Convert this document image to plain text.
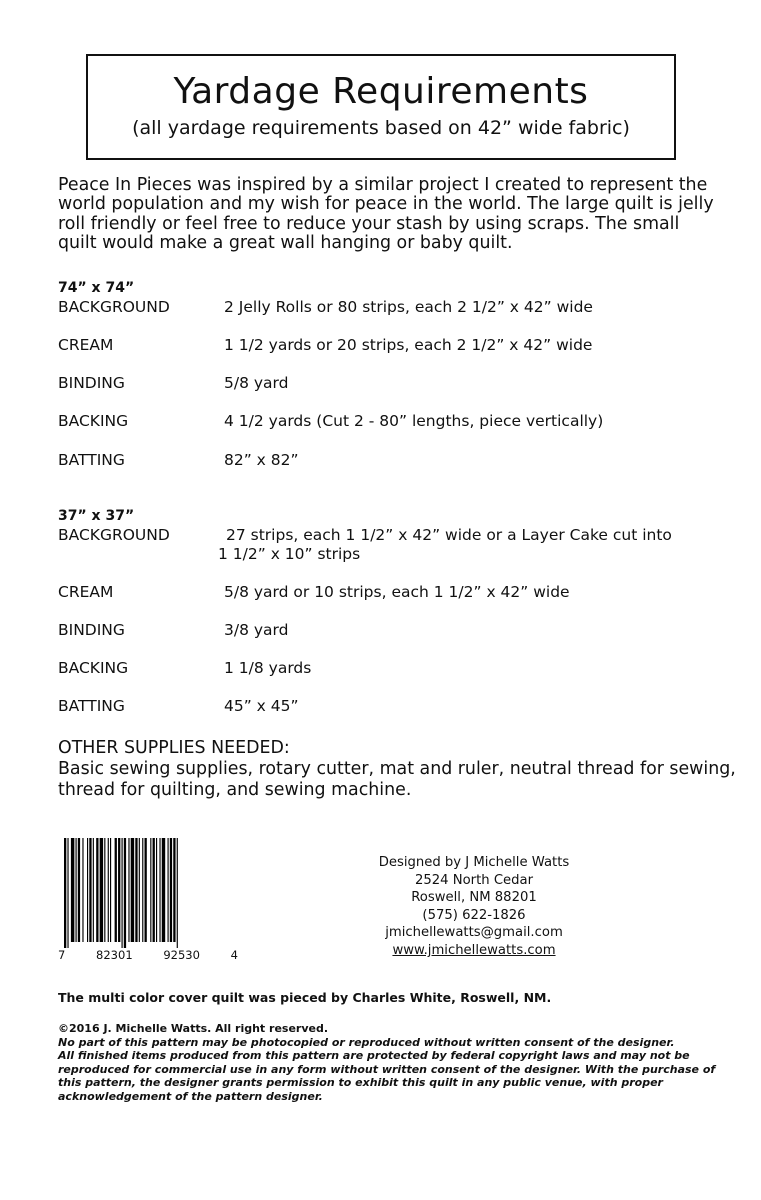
Yardage Requirements
(all yardage requirements based on 42” wide fabric)
Peace In Pieces was inspired by a similar project I created to represent the world population and my wish for peace in the world. The large quilt is jelly roll friendly or feel free to reduce your stash by using scraps. The small quilt would make a great wall hanging or baby quilt.
74” x 74”
BACKGROUND	2 Jelly Rolls or 80 strips, each 2 1/2” x 42” wide
CREAM	1 1/2 yards or 20 strips, each 2 1/2” x 42” wide
BINDING	5/8 yard
BACKING	4 1/2 yards (Cut 2 - 80” lengths, piece vertically)
BATTING	82” x 82”
37” x 37”
BACKGROUND	27 strips, each 1 1/2” x 42” wide or a Layer Cake cut into
1 1/2” x 10” strips
CREAM	5/8 yard or 10 strips, each 1 1/2” x 42” wide
BINDING	3/8 yard
BACKING	1 1/8 yards
BATTING	45” x 45”
OTHER SUPPLIES NEEDED:
Basic sewing supplies, rotary cutter, mat and ruler, neutral thread for sewing, thread for quilting, and sewing machine.
7	82301	92530	4
Designed by J Michelle Watts
2524 North Cedar
Roswell, NM 88201
(575) 622-1826
jmichellewatts@gmail.com
www.jmichellewatts.com
The multi color cover quilt was pieced by Charles White, Roswell, NM.
©2016 J. Michelle Watts. All right reserved.
No part of this pattern may be photocopied or reproduced without written consent of the designer.
All finished items produced from this pattern are protected by federal copyright laws and may not be reproduced for commercial use in any form without written consent of the designer. With the purchase of this pattern, the designer grants permission to exhibit this quilt in any public venue, with proper acknowledgement of the pattern designer.
